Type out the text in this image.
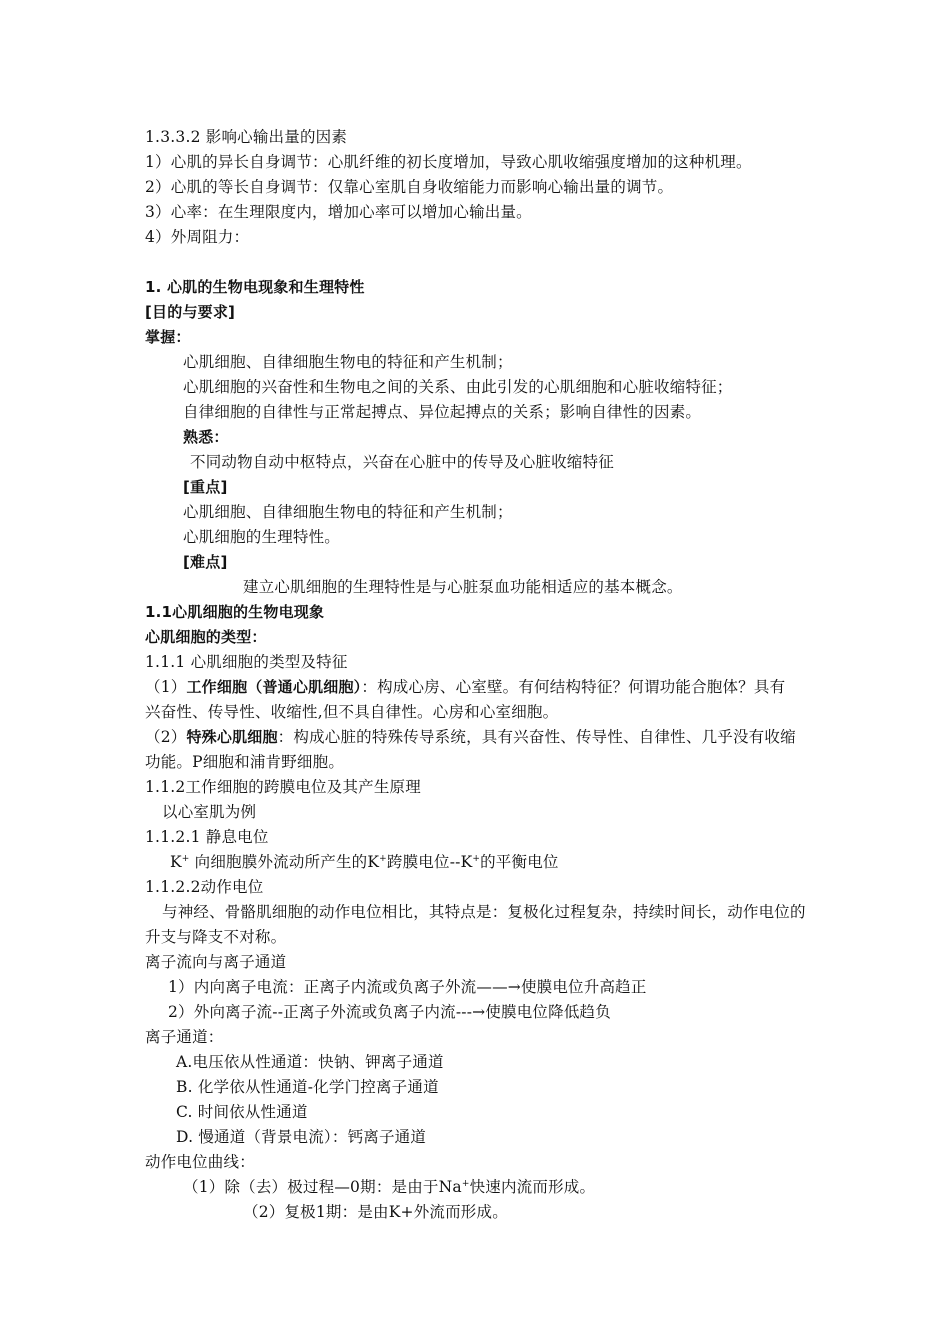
1.3.3.2 影响心输出量的因素
1）心肌的异长自身调节：心肌纤维的初长度增加，导致心肌收缩强度增加的这种机理。
2）心肌的等长自身调节：仅靠心室肌自身收缩能力而影响心输出量的调节。
3）心率：在生理限度内，增加心率可以增加心输出量。
4）外周阻力：
1. 心肌的生物电现象和生理特性
[目的与要求]
掌握：
心肌细胞、自律细胞生物电的特征和产生机制；
心肌细胞的兴奋性和生物电之间的关系、由此引发的心肌细胞和心脏收缩特征；
自律细胞的自律性与正常起搏点、异位起搏点的关系；影响自律性的因素。
熟悉：
不同动物自动中枢特点，兴奋在心脏中的传导及心脏收缩特征
[重点]
心肌细胞、自律细胞生物电的特征和产生机制；
心肌细胞的生理特性。
[难点]
建立心肌细胞的生理特性是与心脏泵血功能相适应的基本概念。
1.1心肌细胞的生物电现象
心肌细胞的类型：
1.1.1 心肌细胞的类型及特征
（1）工作细胞（普通心肌细胞）：构成心房、心室壁。有何结构特征？何谓功能合胞体？具有
兴奋性、传导性、收缩性,但不具自律性。心房和心室细胞。
（2）特殊心肌细胞：构成心脏的特殊传导系统，具有兴奋性、传导性、自律性、几乎没有收缩
功能。P细胞和浦肯野细胞。
1.1.2工作细胞的跨膜电位及其产生原理
以心室肌为例
1.1.2.1 静息电位
K+ 向细胞膜外流动所产生的K+跨膜电位--K+的平衡电位
1.1.2.2动作电位
与神经、骨骼肌细胞的动作电位相比，其特点是：复极化过程复杂，持续时间长，动作电位的
升支与降支不对称。
离子流向与离子通道
1）内向离子电流：正离子内流或负离子外流——→使膜电位升高趋正
2）外向离子流--正离子外流或负离子内流---→使膜电位降低趋负
离子通道：
A.电压依从性通道：快钠、钾离子通道
B. 化学依从性通道-化学门控离子通道
C. 时间依从性通道
D. 慢通道（背景电流）：钙离子通道
动作电位曲线：
（1）除（去）极过程—0期：是由于Na+快速内流而形成。
（2）复极1期：是由K+外流而形成。
